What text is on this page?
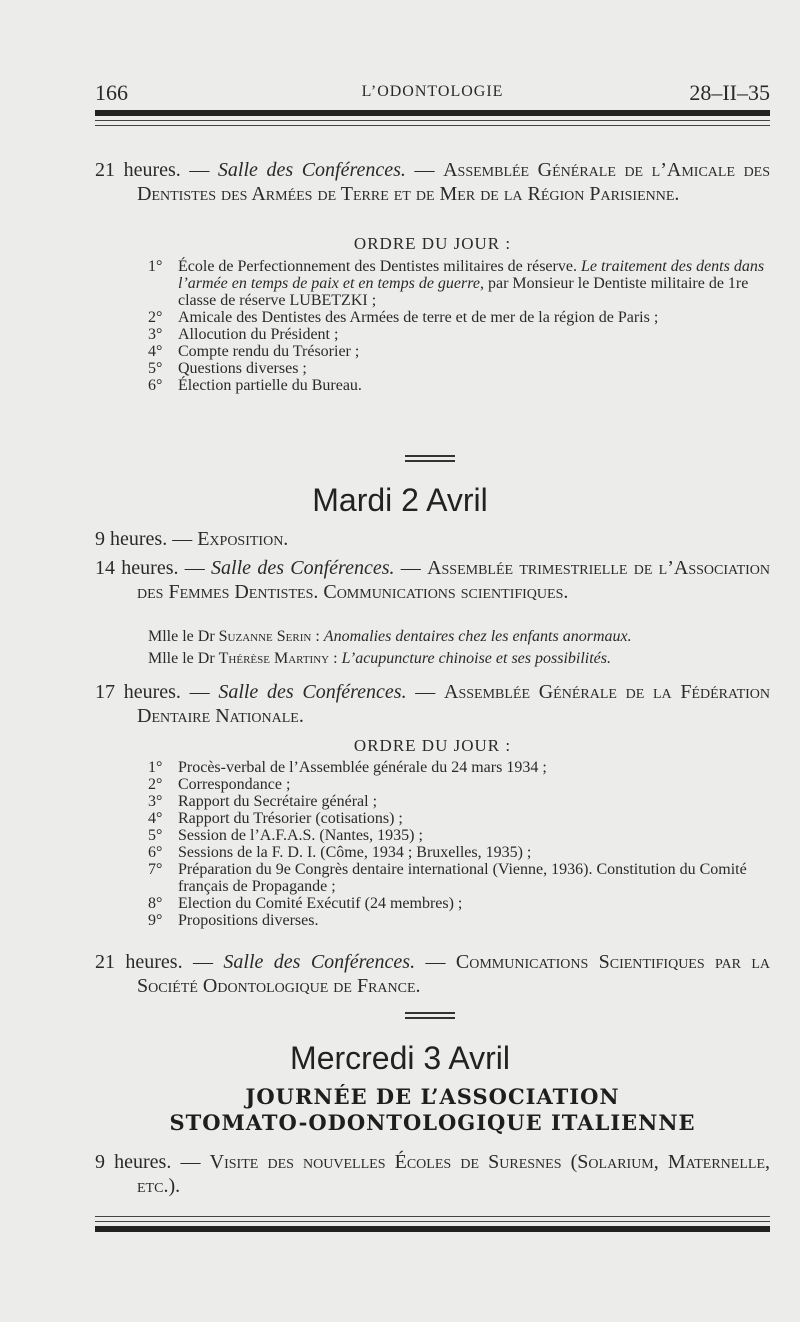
166	L’ODONTOLOGIE	28–II–35

21 heures. — Salle des Conférences. — Assemblée Générale de l’Amicale des Dentistes des Armées de Terre et de Mer de la Région Parisienne.

ORDRE DU JOUR :
1° École de Perfectionnement des Dentistes militaires de réserve. Le traitement des dents dans l’armée en temps de paix et en temps de guerre, par Monsieur le Dentiste militaire de 1re classe de réserve LUBETZKI ;
2° Amicale des Dentistes des Armées de terre et de mer de la région de Paris ;
3° Allocution du Président ;
4° Compte rendu du Trésorier ;
5° Questions diverses ;
6° Élection partielle du Bureau.
Mardi 2 Avril

9 heures. — Exposition.

14 heures. — Salle des Conférences. — Assemblée trimestrielle de l’Association des Femmes Dentistes. Communications scientifiques.

Mlle le Dr Suzanne Serin : Anomalies dentaires chez les enfants anormaux.
Mlle le Dr Thérèse Martiny : L’acupuncture chinoise et ses possibilités.

17 heures. — Salle des Conférences. — Assemblée Générale de la Fédération Dentaire Nationale.

ORDRE DU JOUR :
1° Procès-verbal de l’Assemblée générale du 24 mars 1934 ;
2° Correspondance ;
3° Rapport du Secrétaire général ;
4° Rapport du Trésorier (cotisations) ;
5° Session de l’A.F.A.S. (Nantes, 1935) ;
6° Sessions de la F. D. I. (Côme, 1934 ; Bruxelles, 1935) ;
7° Préparation du 9e Congrès dentaire international (Vienne, 1936). Constitution du Comité français de Propagande ;
8° Election du Comité Exécutif (24 membres) ;
9° Propositions diverses.

21 heures. — Salle des Conférences. — Communications Scientifiques par la Société Odontologique de France.

Mercredi 3 Avril
JOURNÉE DE L’ASSOCIATION
STOMATO-ODONTOLOGIQUE ITALIENNE

9 heures. — Visite des nouvelles Écoles de Suresnes (Solarium, Maternelle, etc.).
